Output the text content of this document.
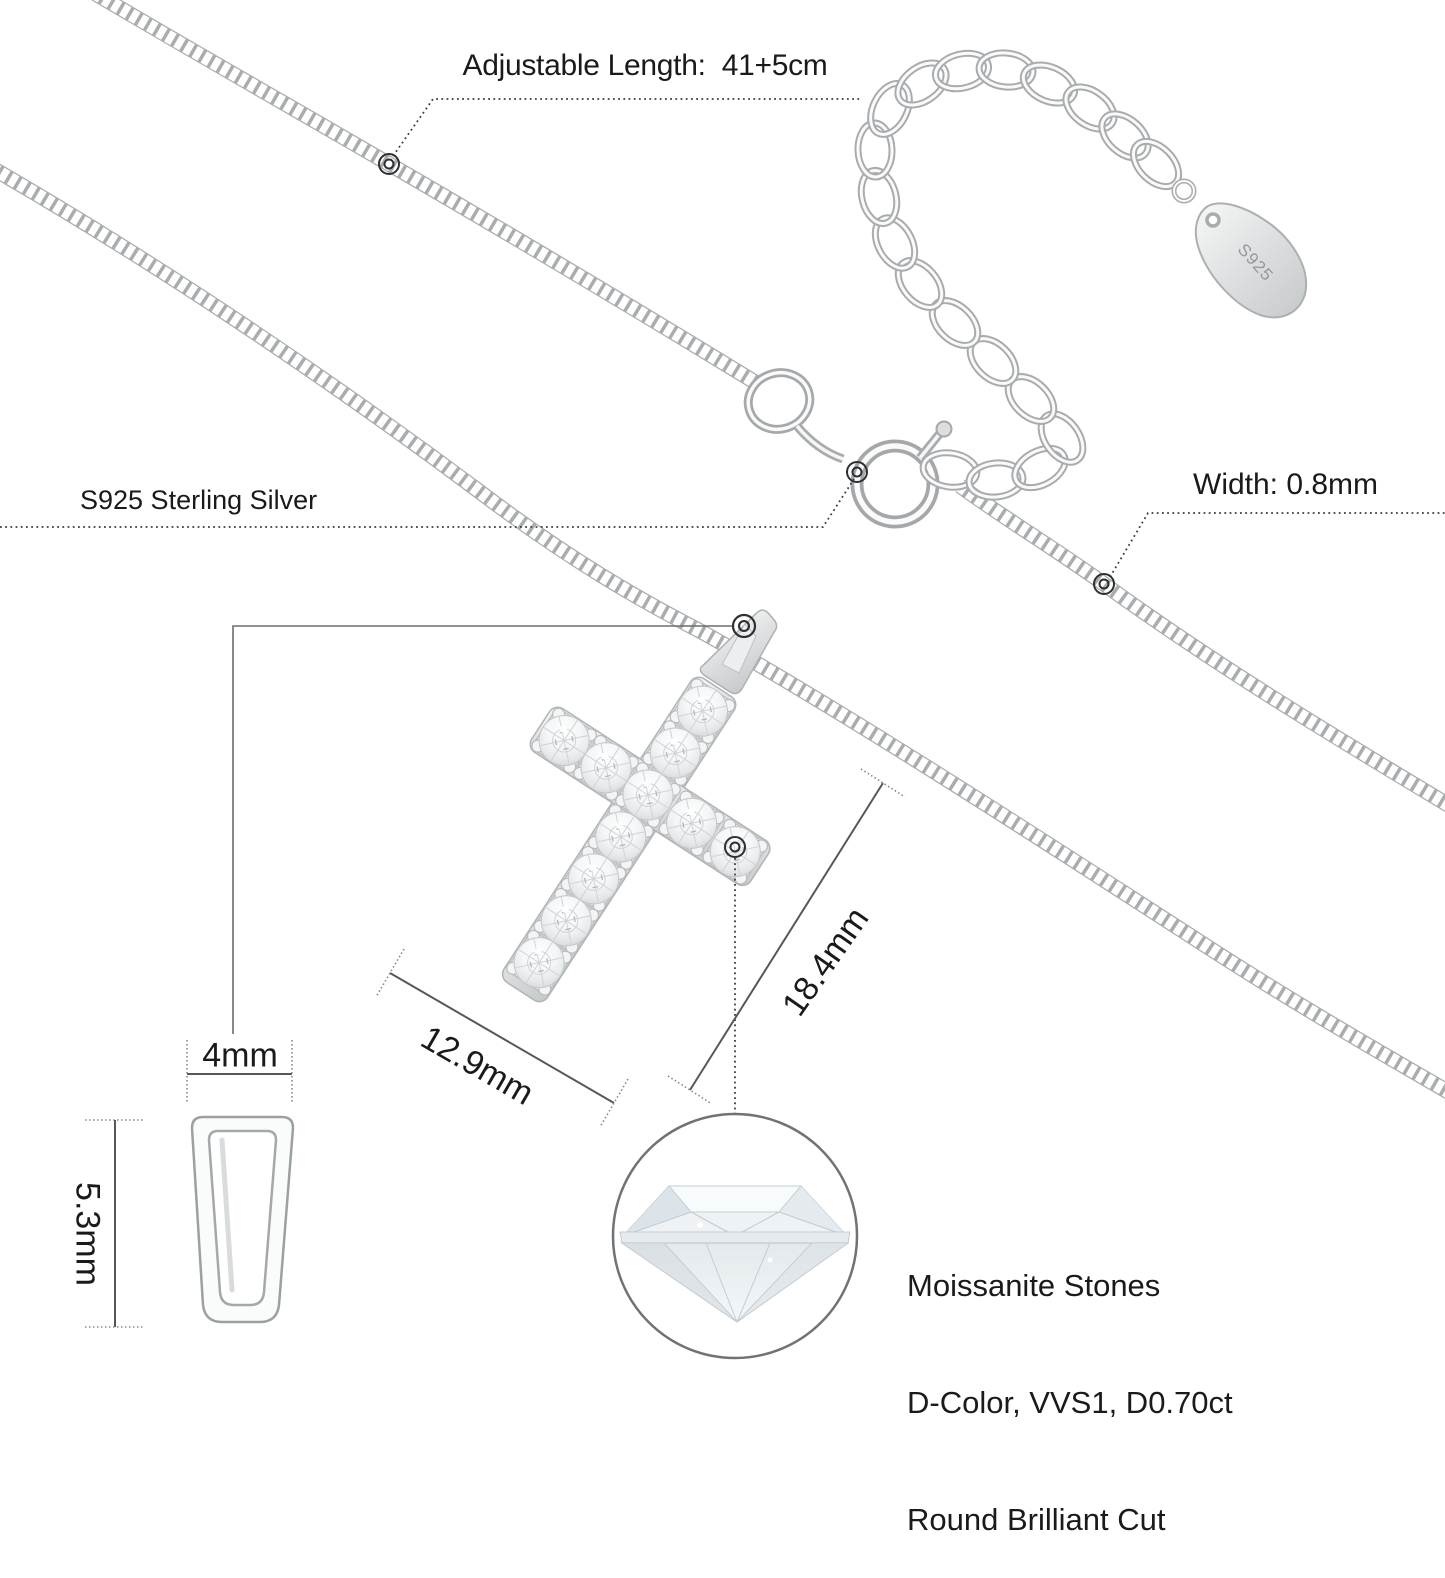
Adjustable Length:  41+5cm
S925 Sterling Silver	Width: 0.8mm
12.9mm
18.4mm
4mm
5.3mm
S925

Moissanite Stones

D-Color, VVS1, D0.70ct

Round Brilliant Cut
